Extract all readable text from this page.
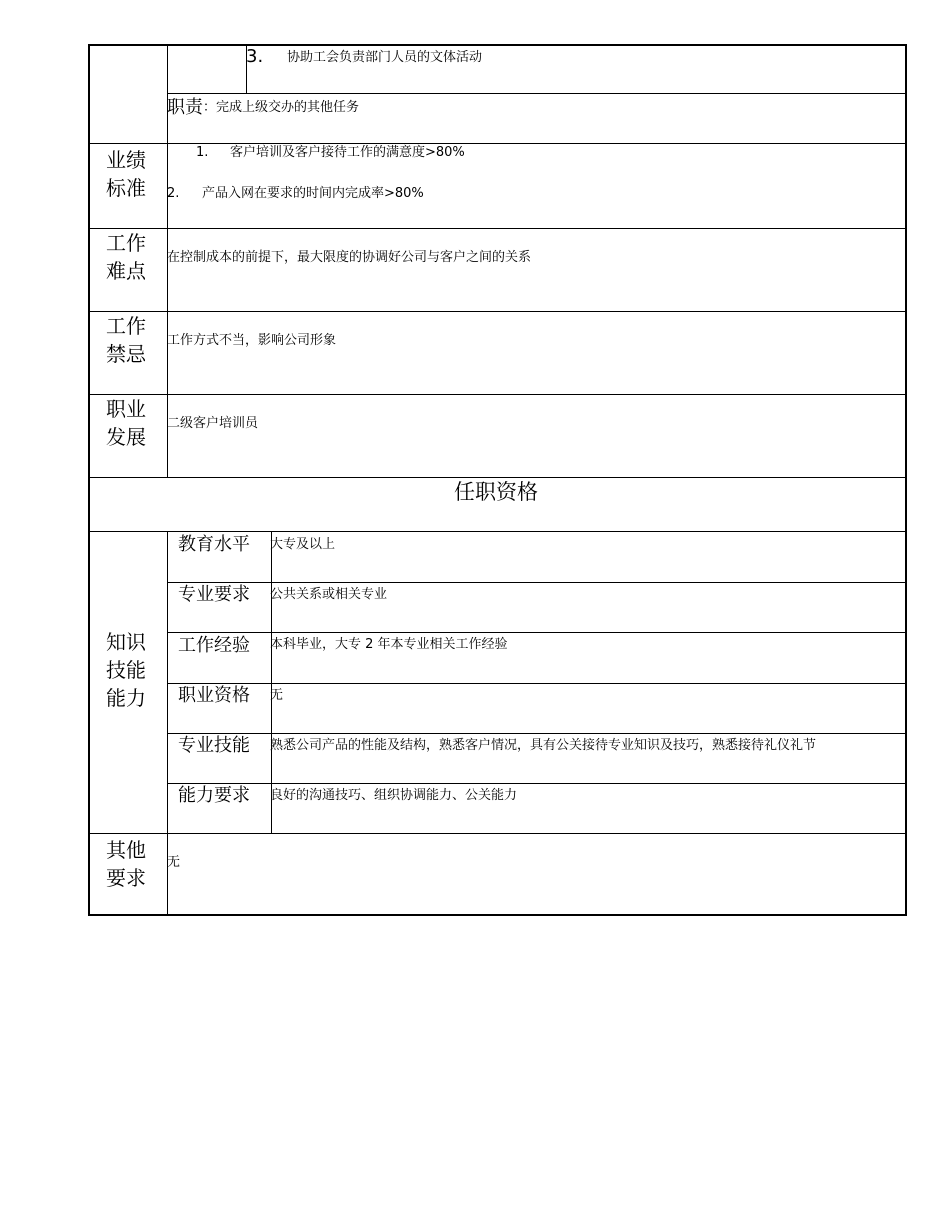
3. 协助工会负责部门人员的文体活动
职责 ：完成上级交办的其他任务
业绩
标准
1. 客户培训及客户接待工作的满意度>80%
2. 产品入网在要求的时间内完成率>80%
工作
难点
在控制成本的前提下，最大限度的协调好公司与客户之间的关系
工作
禁忌
工作方式不当，影响公司形象
职业
发展
二级客户培训员
任职资格
知识
技能
能力
教育水平 大专及以上
专业要求 公共关系或相关专业
工作经验 本科毕业，大专 2 年本专业相关工作经验
职业资格 无
专业技能 熟悉公司产品的性能及结构，熟悉客户情况，具有公关接待专业知识及技巧，熟悉接待礼仪礼节
能力要求 良好的沟通技巧、组织协调能力、公关能力
其他
要求
无
